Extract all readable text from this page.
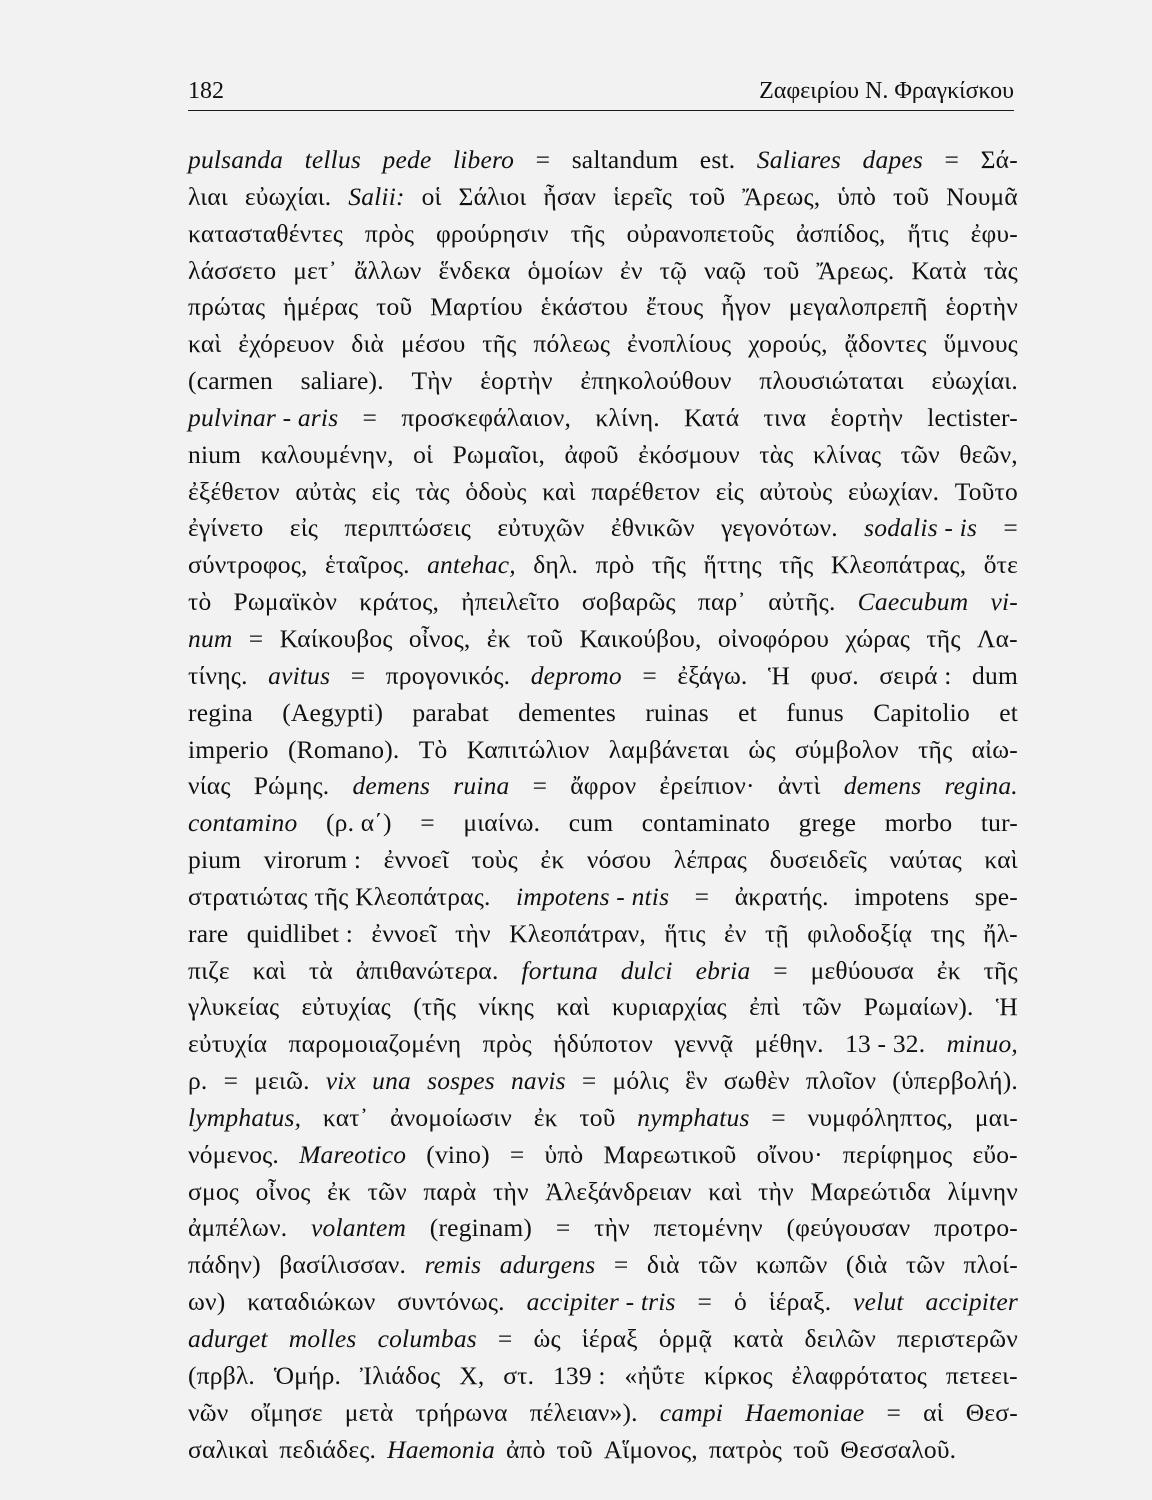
182	Ζαφειρίου Ν. Φραγκίσκου
pulsanda tellus pede libero = saltandum est. Saliares dapes = Σά-
λιαι εὐωχίαι. Salii: οἱ Σάλιοι ἦσαν ἱερεῖς τοῦ Ἄρεως, ὑπὸ τοῦ Νουμᾶ
κατασταθέντες πρὸς φρούρησιν τῆς οὐρανοπετοῦς ἀσπίδος, ἥτις ἐφυ-
λάσσετο μετ᾽ ἄλλων ἕνδεκα ὁμοίων ἐν τῷ ναῷ τοῦ Ἄρεως. Κατὰ τὰς
πρώτας ἡμέρας τοῦ Μαρτίου ἑκάστου ἔτους ἦγον μεγαλοπρεπῆ ἑορτὴν
καὶ ἐχόρευον διὰ μέσου τῆς πόλεως ἐνοπλίους χορούς, ᾄδοντες ὕμνους
(carmen saliare). Τὴν ἑορτὴν ἐπηκολούθουν πλουσιώταται εὐωχίαι.
pulvinar - aris = προσκεφάλαιον, κλίνη. Κατά τινα ἑορτὴν lectister-
nium καλουμένην, οἱ Ρωμαῖοι, ἀφοῦ ἐκόσμουν τὰς κλίνας τῶν θεῶν,
ἐξέθετον αὐτὰς εἰς τὰς ὁδοὺς καὶ παρέθετον εἰς αὐτοὺς εὐωχίαν. Τοῦτο
ἐγίνετο εἰς περιπτώσεις εὐτυχῶν ἐθνικῶν γεγονότων. sodalis - is =
σύντροφος, ἑταῖρος. antehac, δηλ. πρὸ τῆς ἥττης τῆς Κλεοπάτρας, ὅτε
τὸ Ρωμαϊκὸν κράτος, ἠπειλεῖτο σοβαρῶς παρ᾽ αὐτῆς. Caecubum vi-
num = Καίκουβος οἶνος, ἐκ τοῦ Καικούβου, οἰνοφόρου χώρας τῆς Λα-
τίνης. avitus = προγονικός. depromo = ἐξάγω. Ἡ φυσ. σειρά : dum
regina (Aegypti) parabat dementes ruinas et funus Capitolio et
imperio (Romano). Τὸ Καπιτώλιον λαμβάνεται ὡς σύμβολον τῆς αἰω-
νίας Ρώμης. demens ruina = ἄφρον ἐρείπιον· ἀντὶ demens regina.
contamino (ρ. α΄) = μιαίνω. cum contaminato grege morbo tur-
pium virorum : ἐννοεῖ τοὺς ἐκ νόσου λέπρας δυσειδεῖς ναύτας καὶ
στρατιώτας τῆς Κλεοπάτρας. impotens - ntis = ἀκρατής. impotens spe-
rare quidlibet : ἐννοεῖ τὴν Κλεοπάτραν, ἥτις ἐν τῇ φιλοδοξίᾳ της ἤλ-
πιζε καὶ τὰ ἀπιθανώτερα. fortuna dulci ebria = μεθύουσα ἐκ τῆς
γλυκείας εὐτυχίας (τῆς νίκης καὶ κυριαρχίας ἐπὶ τῶν Ρωμαίων). Ἡ
εὐτυχία παρομοιαζομένη πρὸς ἡδύποτον γεννᾷ μέθην. 13 - 32. minuo,
ρ. = μειῶ. vix una sospes navis = μόλις ἓν σωθὲν πλοῖον (ὑπερβολή).
lymphatus, κατ᾽ ἀνομοίωσιν ἐκ τοῦ nymphatus = νυμφόληπτος, μαι-
νόμενος. Mareotico (vino) = ὑπὸ Μαρεωτικοῦ οἴνου· περίφημος εὔο-
σμος οἶνος ἐκ τῶν παρὰ τὴν Ἀλεξάνδρειαν καὶ τὴν Μαρεώτιδα λίμνην
ἀμπέλων. volantem (reginam) = τὴν πετομένην (φεύγουσαν προτρο-
πάδην) βασίλισσαν. remis adurgens = διὰ τῶν κωπῶν (διὰ τῶν πλοί-
ων) καταδιώκων συντόνως. accipiter - tris = ὁ ἱέραξ. velut accipiter
adurget molles columbas = ὡς ἱέραξ ὁρμᾷ κατὰ δειλῶν περιστερῶν
(πρβλ. Ὁμήρ. Ἰλιάδος Χ, στ. 139 : «ἠΰτε κίρκος ἐλαφρότατος πετεει-
νῶν οἴμησε μετὰ τρήρωνα πέλειαν»). campi Haemoniae = αἱ Θεσ-
σαλικαὶ πεδιάδες. Haemonia ἀπὸ τοῦ Αἵμονος, πατρὸς τοῦ Θεσσαλοῦ.
